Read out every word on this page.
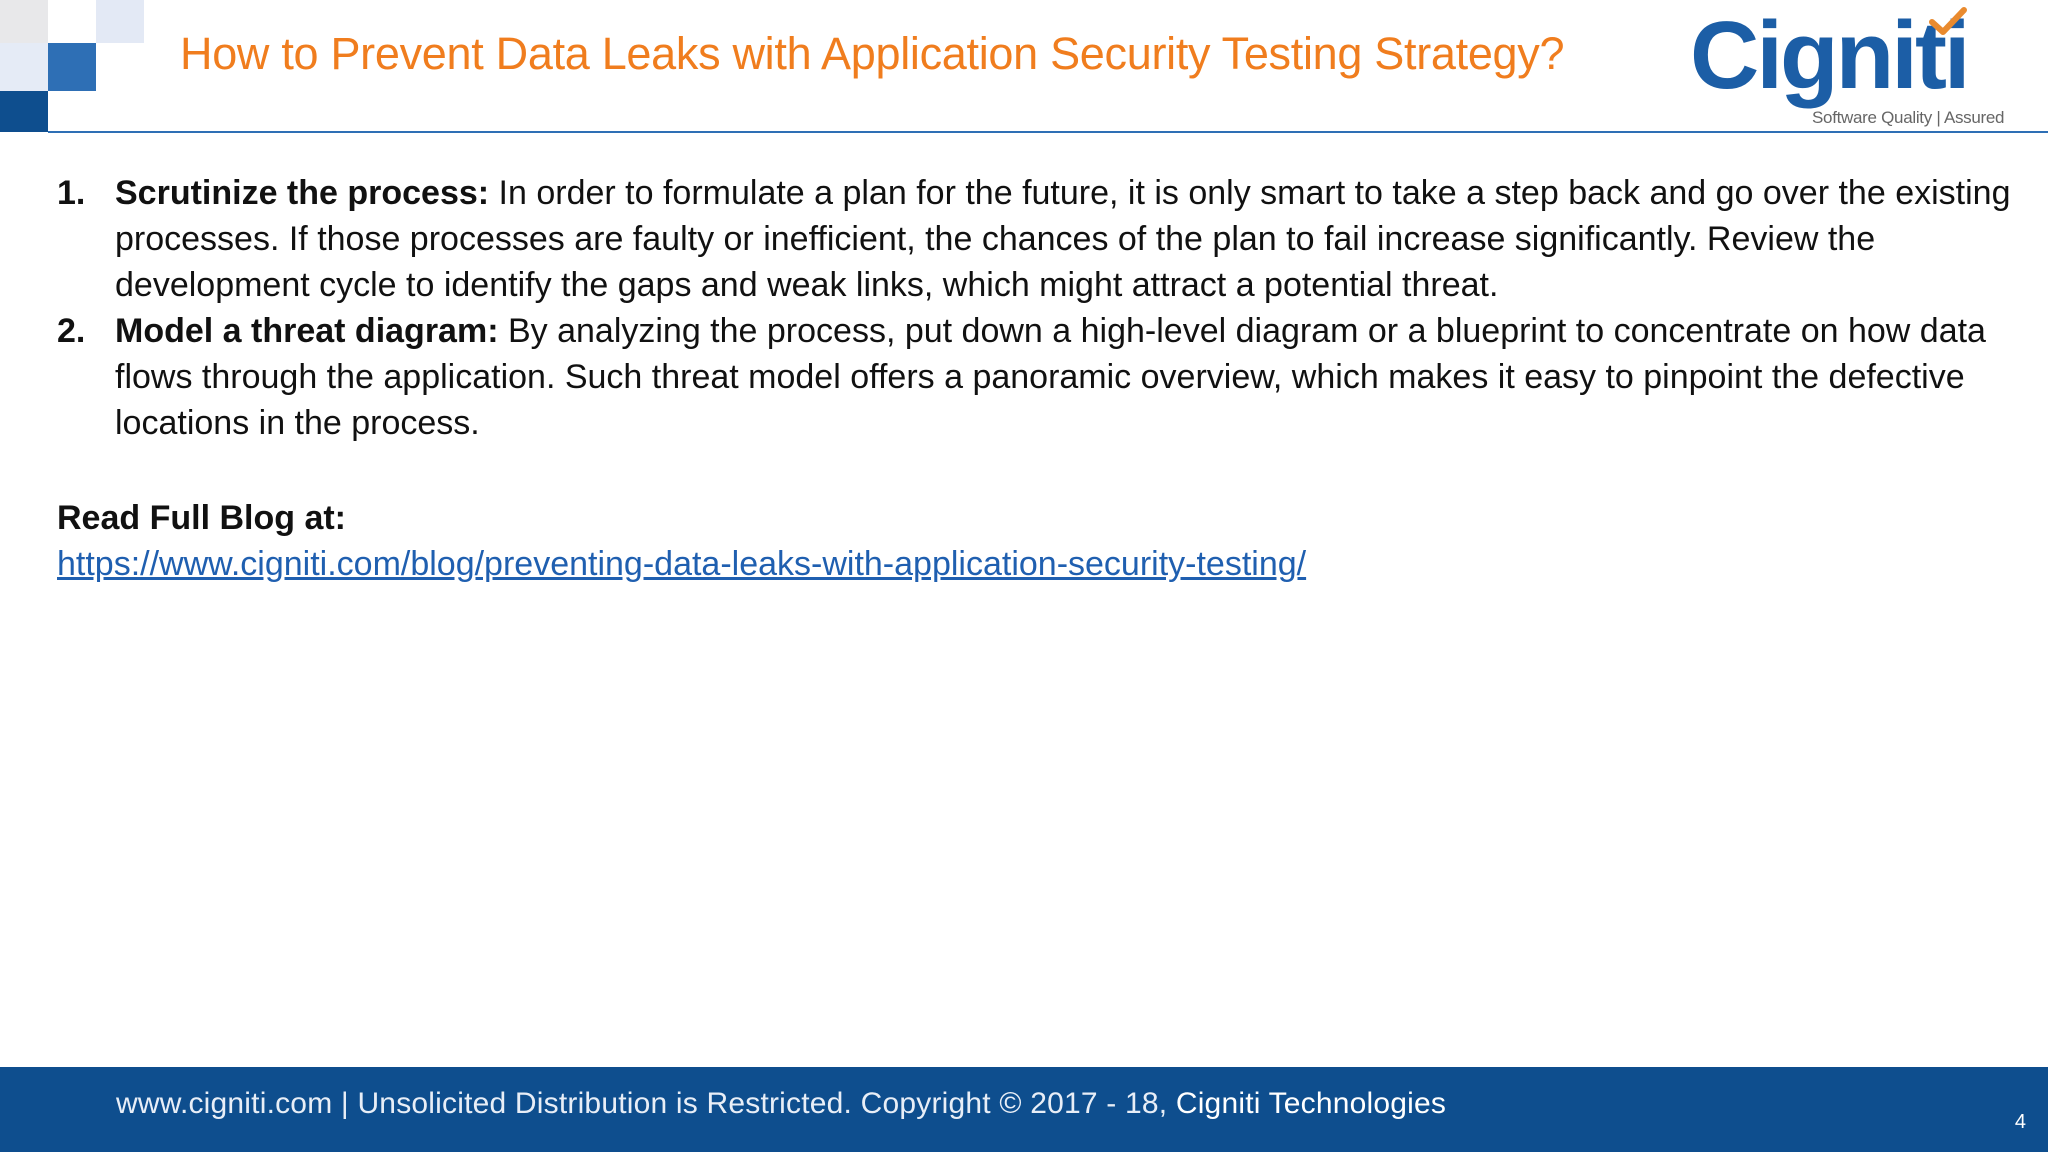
How to Prevent Data Leaks with Application Security Testing Strategy? Cigniti
Software Quality | Assured
1. Scrutinize the process: In order to formulate a plan for the future, it is only smart to take a step back and go over the existing processes. If those processes are faulty or inefficient, the chances of the plan to fail increase significantly. Review the development cycle to identify the gaps and weak links, which might attract a potential threat.
2. Model a threat diagram: By analyzing the process, put down a high-level diagram or a blueprint to concentrate on how data flows through the application. Such threat model offers a panoramic overview, which makes it easy to pinpoint the defective locations in the process.
Read Full Blog at:
https://www.cigniti.com/blog/preventing-data-leaks-with-application-security-testing/
www.cigniti.com | Unsolicited Distribution is Restricted. Copyright © 2017 - 18, Cigniti Technologies
4
